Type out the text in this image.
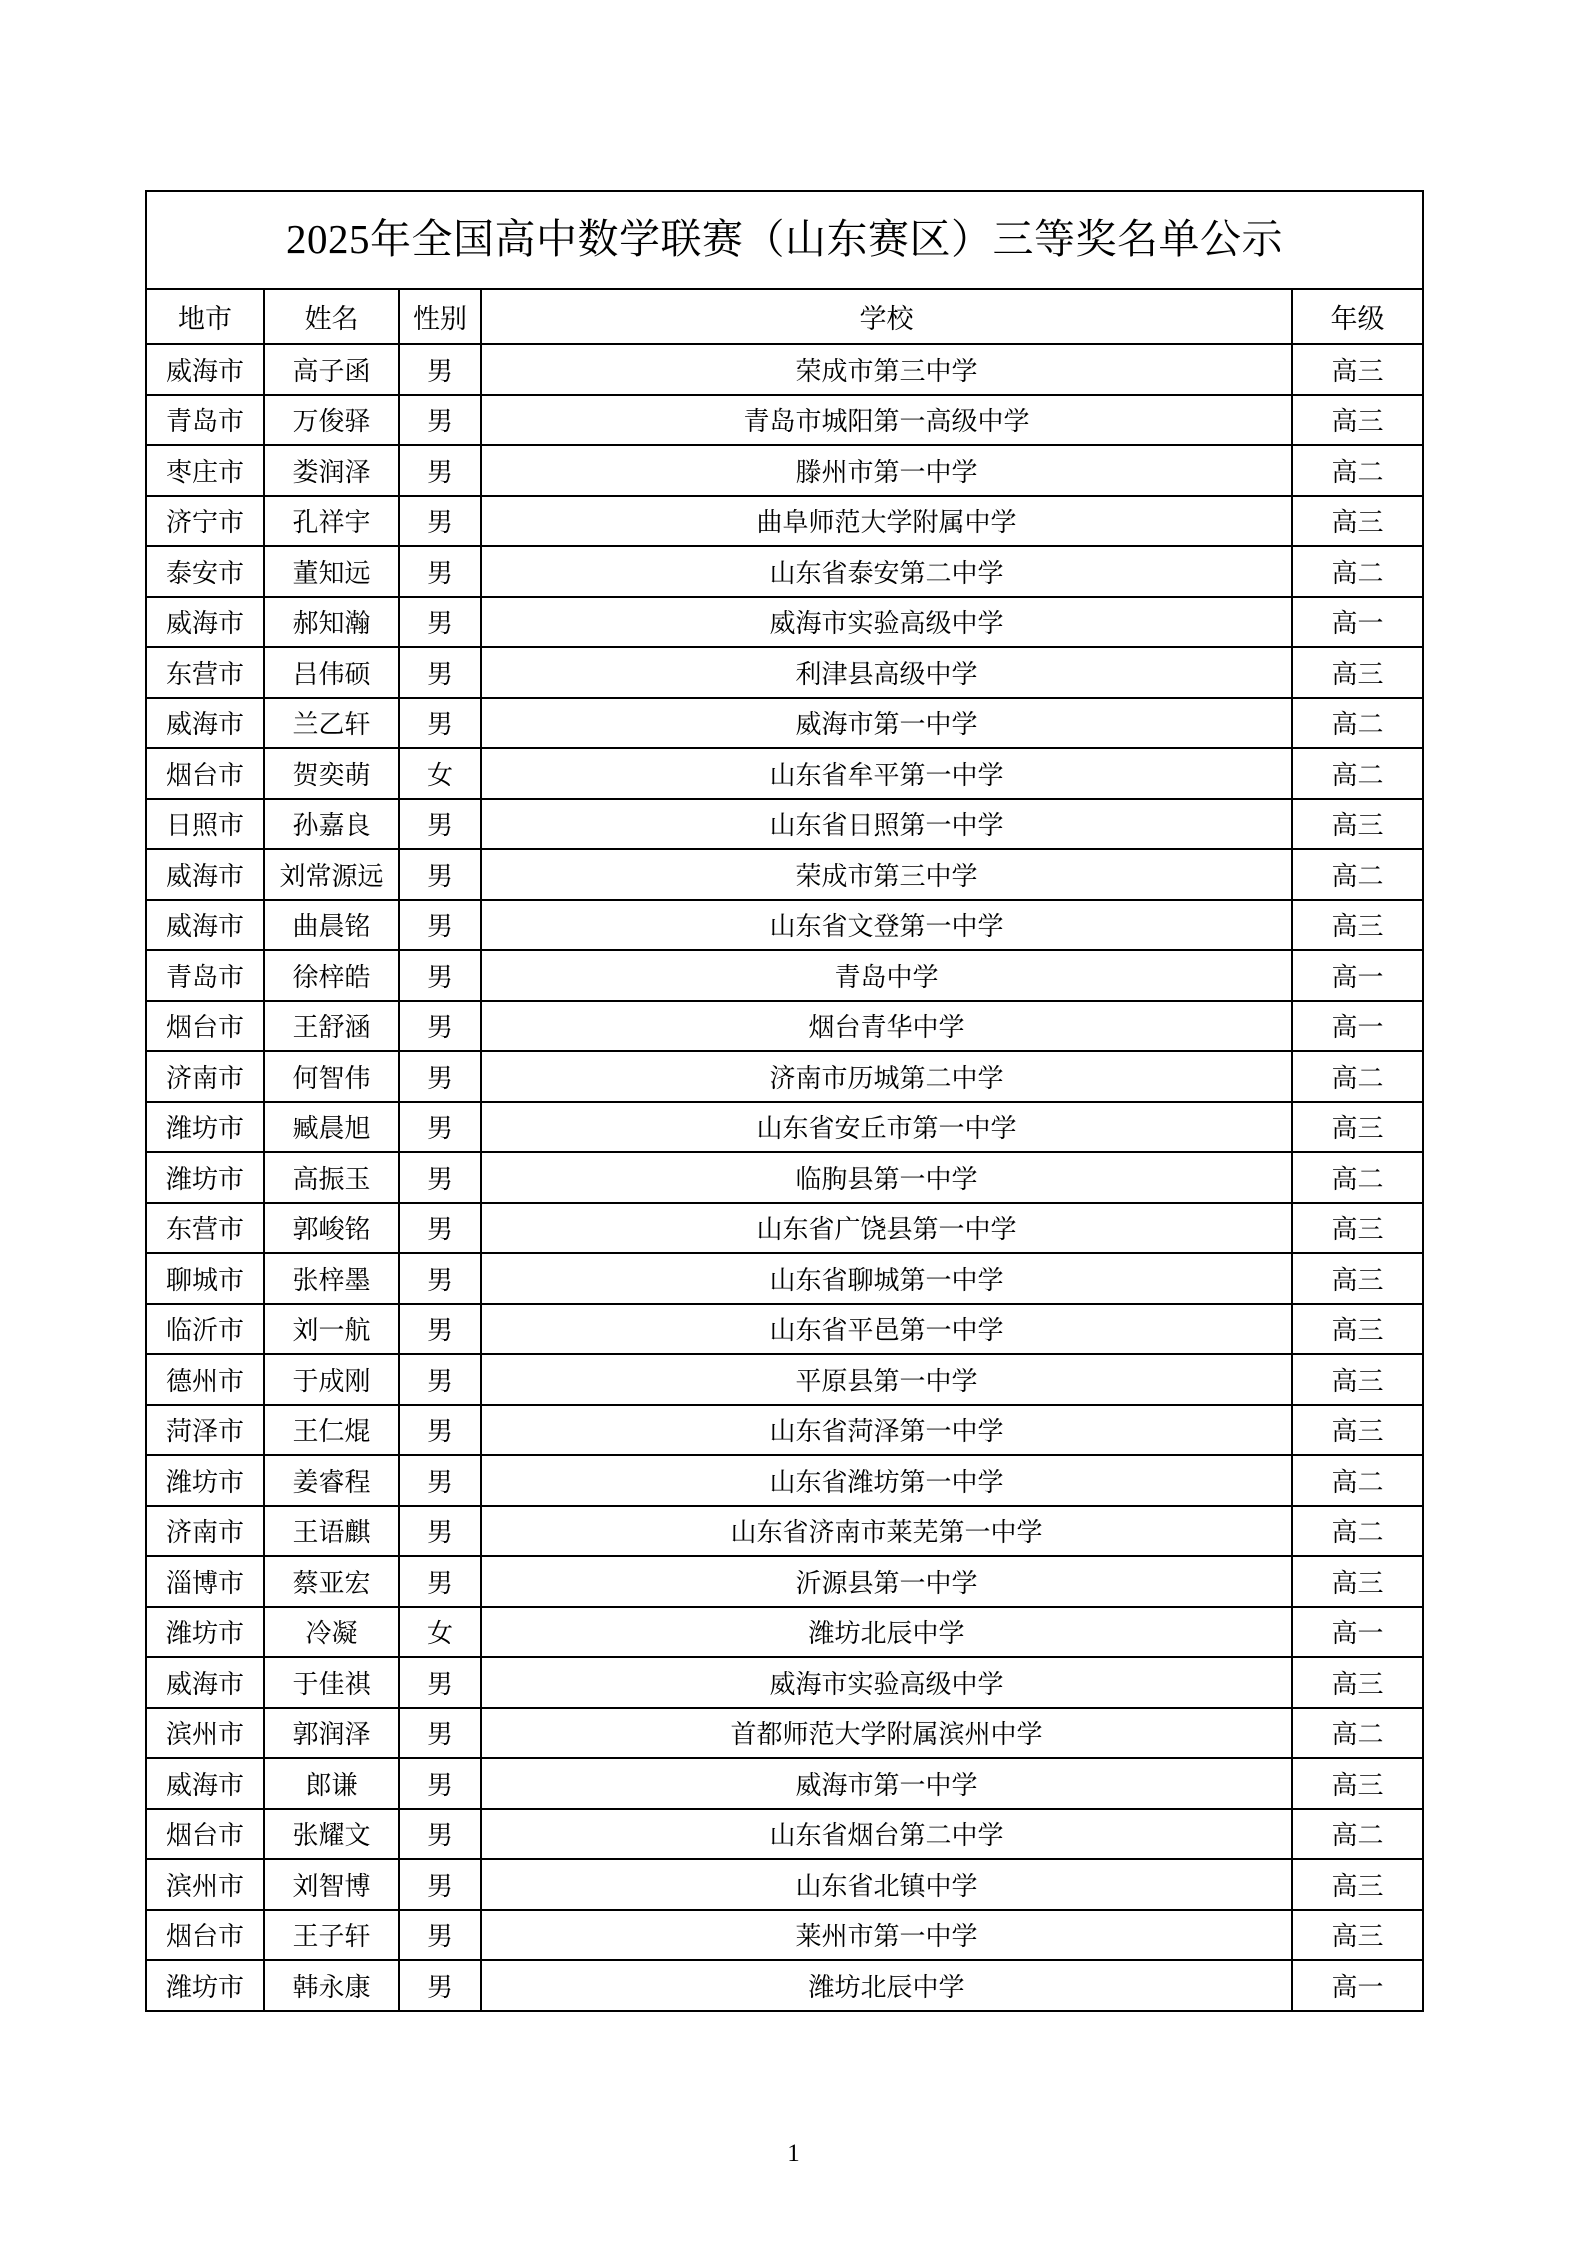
2025年全国高中数学联赛（山东赛区）三等奖名单公示				
地市	姓名	性别	学校	年级
威海市	高子函	男	荣成市第三中学	高三
青岛市	万俊驿	男	青岛市城阳第一高级中学	高三
枣庄市	娄润泽	男	滕州市第一中学	高二
济宁市	孔祥宇	男	曲阜师范大学附属中学	高三
泰安市	董知远	男	山东省泰安第二中学	高二
威海市	郝知瀚	男	威海市实验高级中学	高一
东营市	吕伟硕	男	利津县高级中学	高三
威海市	兰乙轩	男	威海市第一中学	高二
烟台市	贺奕萌	女	山东省牟平第一中学	高二
日照市	孙嘉良	男	山东省日照第一中学	高三
威海市	刘常源远	男	荣成市第三中学	高二
威海市	曲晨铭	男	山东省文登第一中学	高三
青岛市	徐梓皓	男	青岛中学	高一
烟台市	王舒涵	男	烟台青华中学	高一
济南市	何智伟	男	济南市历城第二中学	高二
潍坊市	臧晨旭	男	山东省安丘市第一中学	高三
潍坊市	高振玉	男	临朐县第一中学	高二
东营市	郭峻铭	男	山东省广饶县第一中学	高三
聊城市	张梓墨	男	山东省聊城第一中学	高三
临沂市	刘一航	男	山东省平邑第一中学	高三
德州市	于成刚	男	平原县第一中学	高三
菏泽市	王仁焜	男	山东省菏泽第一中学	高三
潍坊市	姜睿程	男	山东省潍坊第一中学	高二
济南市	王语麒	男	山东省济南市莱芜第一中学	高二
淄博市	蔡亚宏	男	沂源县第一中学	高三
潍坊市	冷凝	女	潍坊北辰中学	高一
威海市	于佳祺	男	威海市实验高级中学	高三
滨州市	郭润泽	男	首都师范大学附属滨州中学	高二
威海市	郎谦	男	威海市第一中学	高三
烟台市	张耀文	男	山东省烟台第二中学	高二
滨州市	刘智博	男	山东省北镇中学	高三
烟台市	王子轩	男	莱州市第一中学	高三
潍坊市	韩永康	男	潍坊北辰中学	高一
1
